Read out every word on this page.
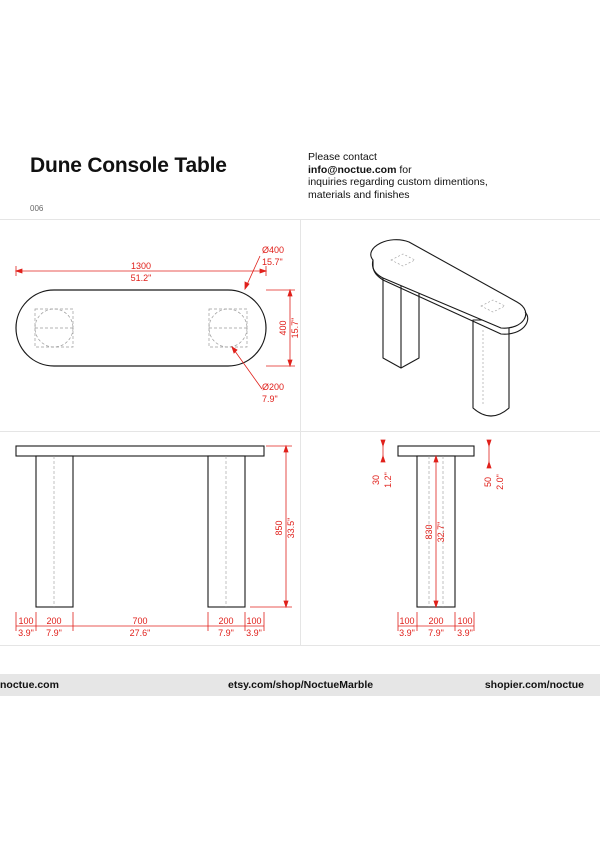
Dune Console Table	Please contact
info@noctue.com for
inquiries regarding custom dimentions,
materials and finishes
006
1300
51.2"
Ø400
15.7"
Ø200
7.9"
400 15.7"
100
3.9"
200
7.9"
700
27.6"
200
7.9"
100
3.9"
850 33.5"
30 1.2"	50 2.0"
830 32.7"
100
3.9"
200
7.9"
100
3.9"
noctue.com	etsy.com/shop/NoctueMarble	shopier.com/noctue
